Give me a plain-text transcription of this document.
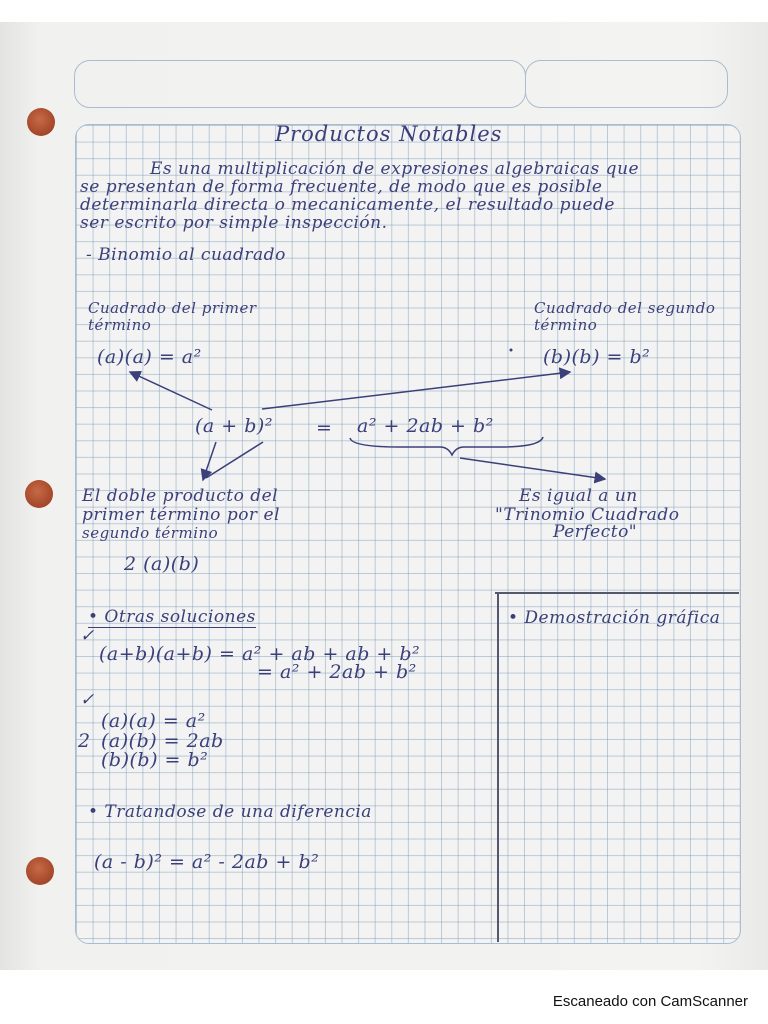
Productos Notables
Es una multiplicación de expresiones algebraicas que
se presentan de forma frecuente, de modo que es posible
determinarla directa o mecanicamente, el resultado puede
ser escrito por simple inspección.
- Binomio al cuadrado
Cuadrado del primer
término
(a)(a) = a²
Cuadrado del segundo
término
(b)(b) = b²
(a + b)² = a² + 2ab + b²
El doble producto del
primer término por el
segundo término
2 (a)(b)
Es igual a un
"Trinomio Cuadrado
Perfecto"
• Otras soluciones
✓
(a+b)(a+b) = a² + ab + ab + b²
= a² + 2ab + b²
✓
2
(a)(a) = a²
(a)(b) = 2ab
(b)(b) = b²
• Tratandose de una diferencia
(a - b)² = a² - 2ab + b²
• Demostración gráfica
Escaneado con CamScanner
